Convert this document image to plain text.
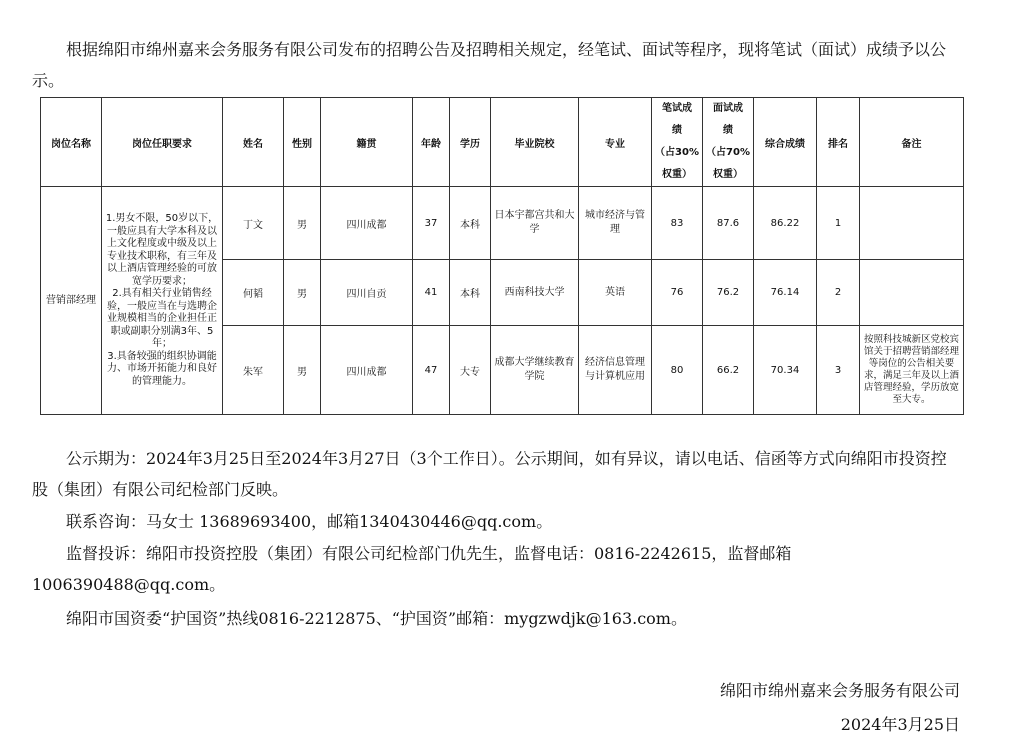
根据绵阳市绵州嘉来会务服务有限公司发布的招聘公告及招聘相关规定，经笔试、面试等程序，现将笔试（面试）成绩予以公示。
岗位名称	岗位任职要求	姓名	性别	籍贯	年龄	学历	毕业院校	专业	笔试成
绩
（占30%
权重）	面试成
绩
（占70%
权重）	综合成绩	排名	备注
营销部经理	1.男女不限，50岁以下，一般应具有大学本科及以上文化程度或中级及以上专业技术职称，有三年及以上酒店管理经验的可放宽学历要求；
2.具有相关行业销售经验，一般应当在与选聘企业规模相当的企业担任正职或副职分别满3年、5年；
3.具备较强的组织协调能力、市场开拓能力和良好的管理能力。	丁文	男	四川成都	37	本科	日本宇都宫共和大学	城市经济与管理	83	87.6	86.22	1	
		何韬	男	四川自贡	41	本科	西南科技大学	英语	76	76.2	76.14	2	
		朱军	男	四川成都	47	大专	成都大学继续教育学院	经济信息管理与计算机应用	80	66.2	70.34	3	按照科技城新区党校宾馆关于招聘营销部经理等岗位的公告相关要求，满足三年及以上酒店管理经验，学历放宽至大专。
公示期为：2024年3月25日至2024年3月27日（3个工作日）。公示期间，如有异议，请以电话、信函等方式向绵阳市投资控股（集团）有限公司纪检部门反映。
联系咨询：马女士 13689693400，邮箱1340430446@qq.com。
监督投诉：绵阳市投资控股（集团）有限公司纪检部门仇先生，监督电话：0816-2242615，监督邮箱1006390488@qq.com。
绵阳市国资委“护国资”热线0816-2212875、“护国资”邮箱：mygzwdjk@163.com。
绵阳市绵州嘉来会务服务有限公司
2024年3月25日
